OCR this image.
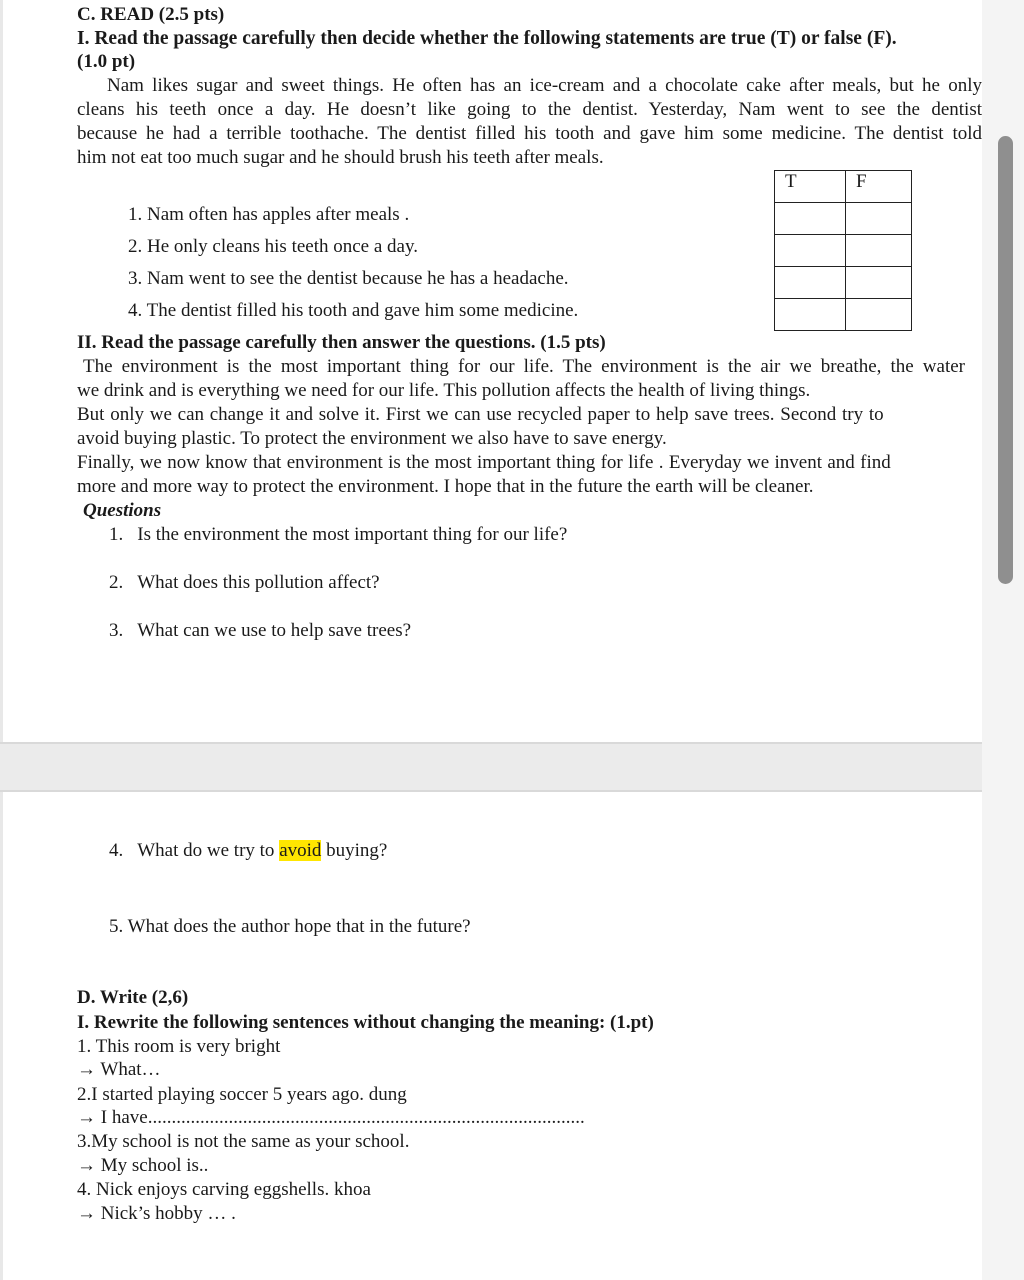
C. READ (2.5 pts)
I. Read the passage carefully then decide whether the following statements are true (T) or false (F).
(1.0 pt)
Nam likes sugar and sweet things. He often has an ice-cream and a chocolate cake after meals, but he only
cleans his teeth once a day. He doesn’t like going to the dentist. Yesterday, Nam went to see the dentist
because he had a terrible toothache. The dentist filled his tooth and gave him some medicine. The dentist told
him not eat too much sugar and he should brush his teeth after meals.
1. Nam often has apples after meals .
2. He only cleans his teeth once a day.
3. Nam went to see the dentist because he has a headache.
4. The dentist filled his tooth and gave him some medicine.
T	F

II. Read the passage carefully then answer the questions. (1.5 pts)
The environment is the most important thing for our life. The environment is the air we breathe, the water
we drink and is everything we need for our life. This pollution affects the health of living things.
But only we can change it and solve it. First we can use recycled paper to help save trees. Second try to
avoid buying plastic. To protect the environment we also have to save energy.
Finally, we now know that environment is the most important thing for life . Everyday we invent and find
more and more way to protect the environment. I hope that in the future the earth will be cleaner.
Questions
1. Is the environment the most important thing for our life?
2. What does this pollution affect?
3. What can we use to help save trees?
4. What do we try to avoid buying?
5. What does the author hope that in the future?
D. Write (2,6)
I. Rewrite the following sentences without changing the meaning: (1.pt)
1. This room is very bright
→ What…
2.I started playing soccer 5 years ago. dung
→ I have............................................................................................
3.My school is not the same as your school.
→ My school is..
4. Nick enjoys carving eggshells. khoa
→ Nick’s hobby … .
